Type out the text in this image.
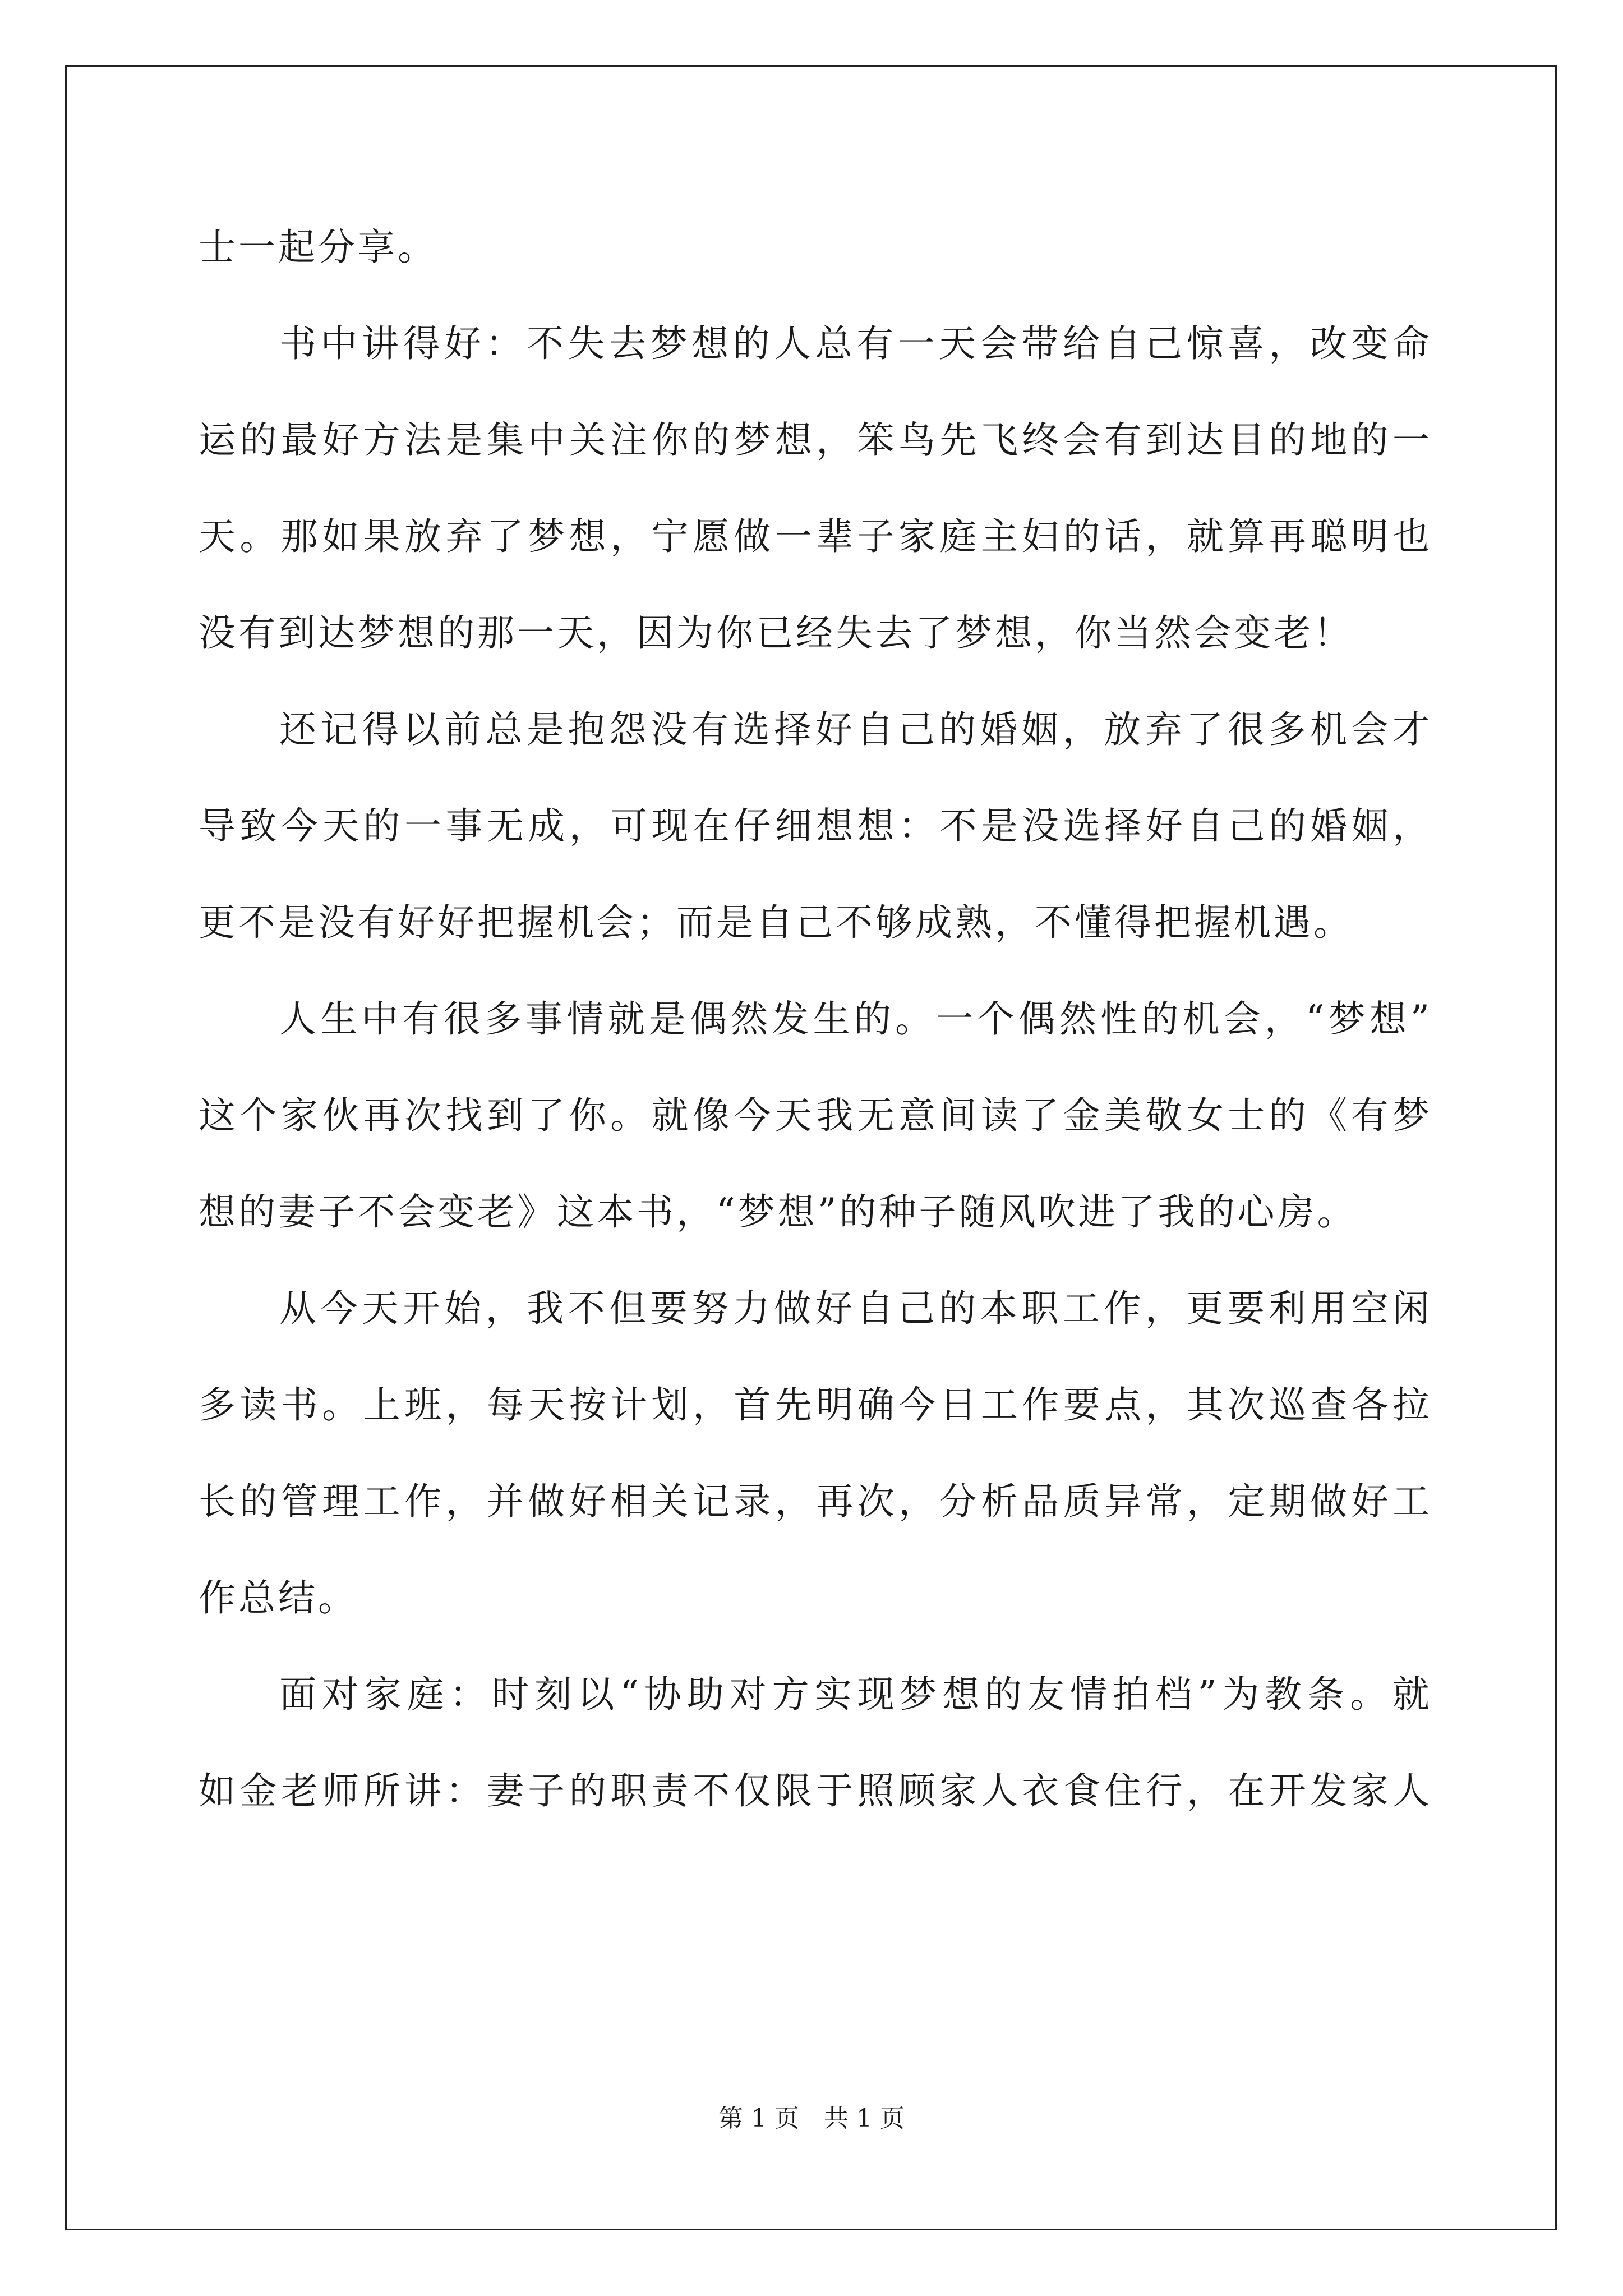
士一起分享。
书中讲得好：不失去梦想的人总有一天会带给自己惊喜，改变命
运的最好方法是集中关注你的梦想，笨鸟先飞终会有到达目的地的一
天。那如果放弃了梦想，宁愿做一辈子家庭主妇的话，就算再聪明也
没有到达梦想的那一天，因为你已经失去了梦想，你当然会变老！
还记得以前总是抱怨没有选择好自己的婚姻，放弃了很多机会才
导致今天的一事无成，可现在仔细想想：不是没选择好自己的婚姻，
更不是没有好好把握机会；而是自己不够成熟，不懂得把握机遇。
人生中有很多事情就是偶然发生的。一个偶然性的机会，“梦想”
这个家伙再次找到了你。就像今天我无意间读了金美敬女士的《有梦
想的妻子不会变老》这本书，“梦想”的种子随风吹进了我的心房。
从今天开始，我不但要努力做好自己的本职工作，更要利用空闲
多读书。上班，每天按计划，首先明确今日工作要点，其次巡查各拉
长的管理工作，并做好相关记录，再次，分析品质异常，定期做好工
作总结。
面对家庭：时刻以“协助对方实现梦想的友情拍档”为教条。就
如金老师所讲：妻子的职责不仅限于照顾家人衣食住行，在开发家人
第 1 页　共 1 页
